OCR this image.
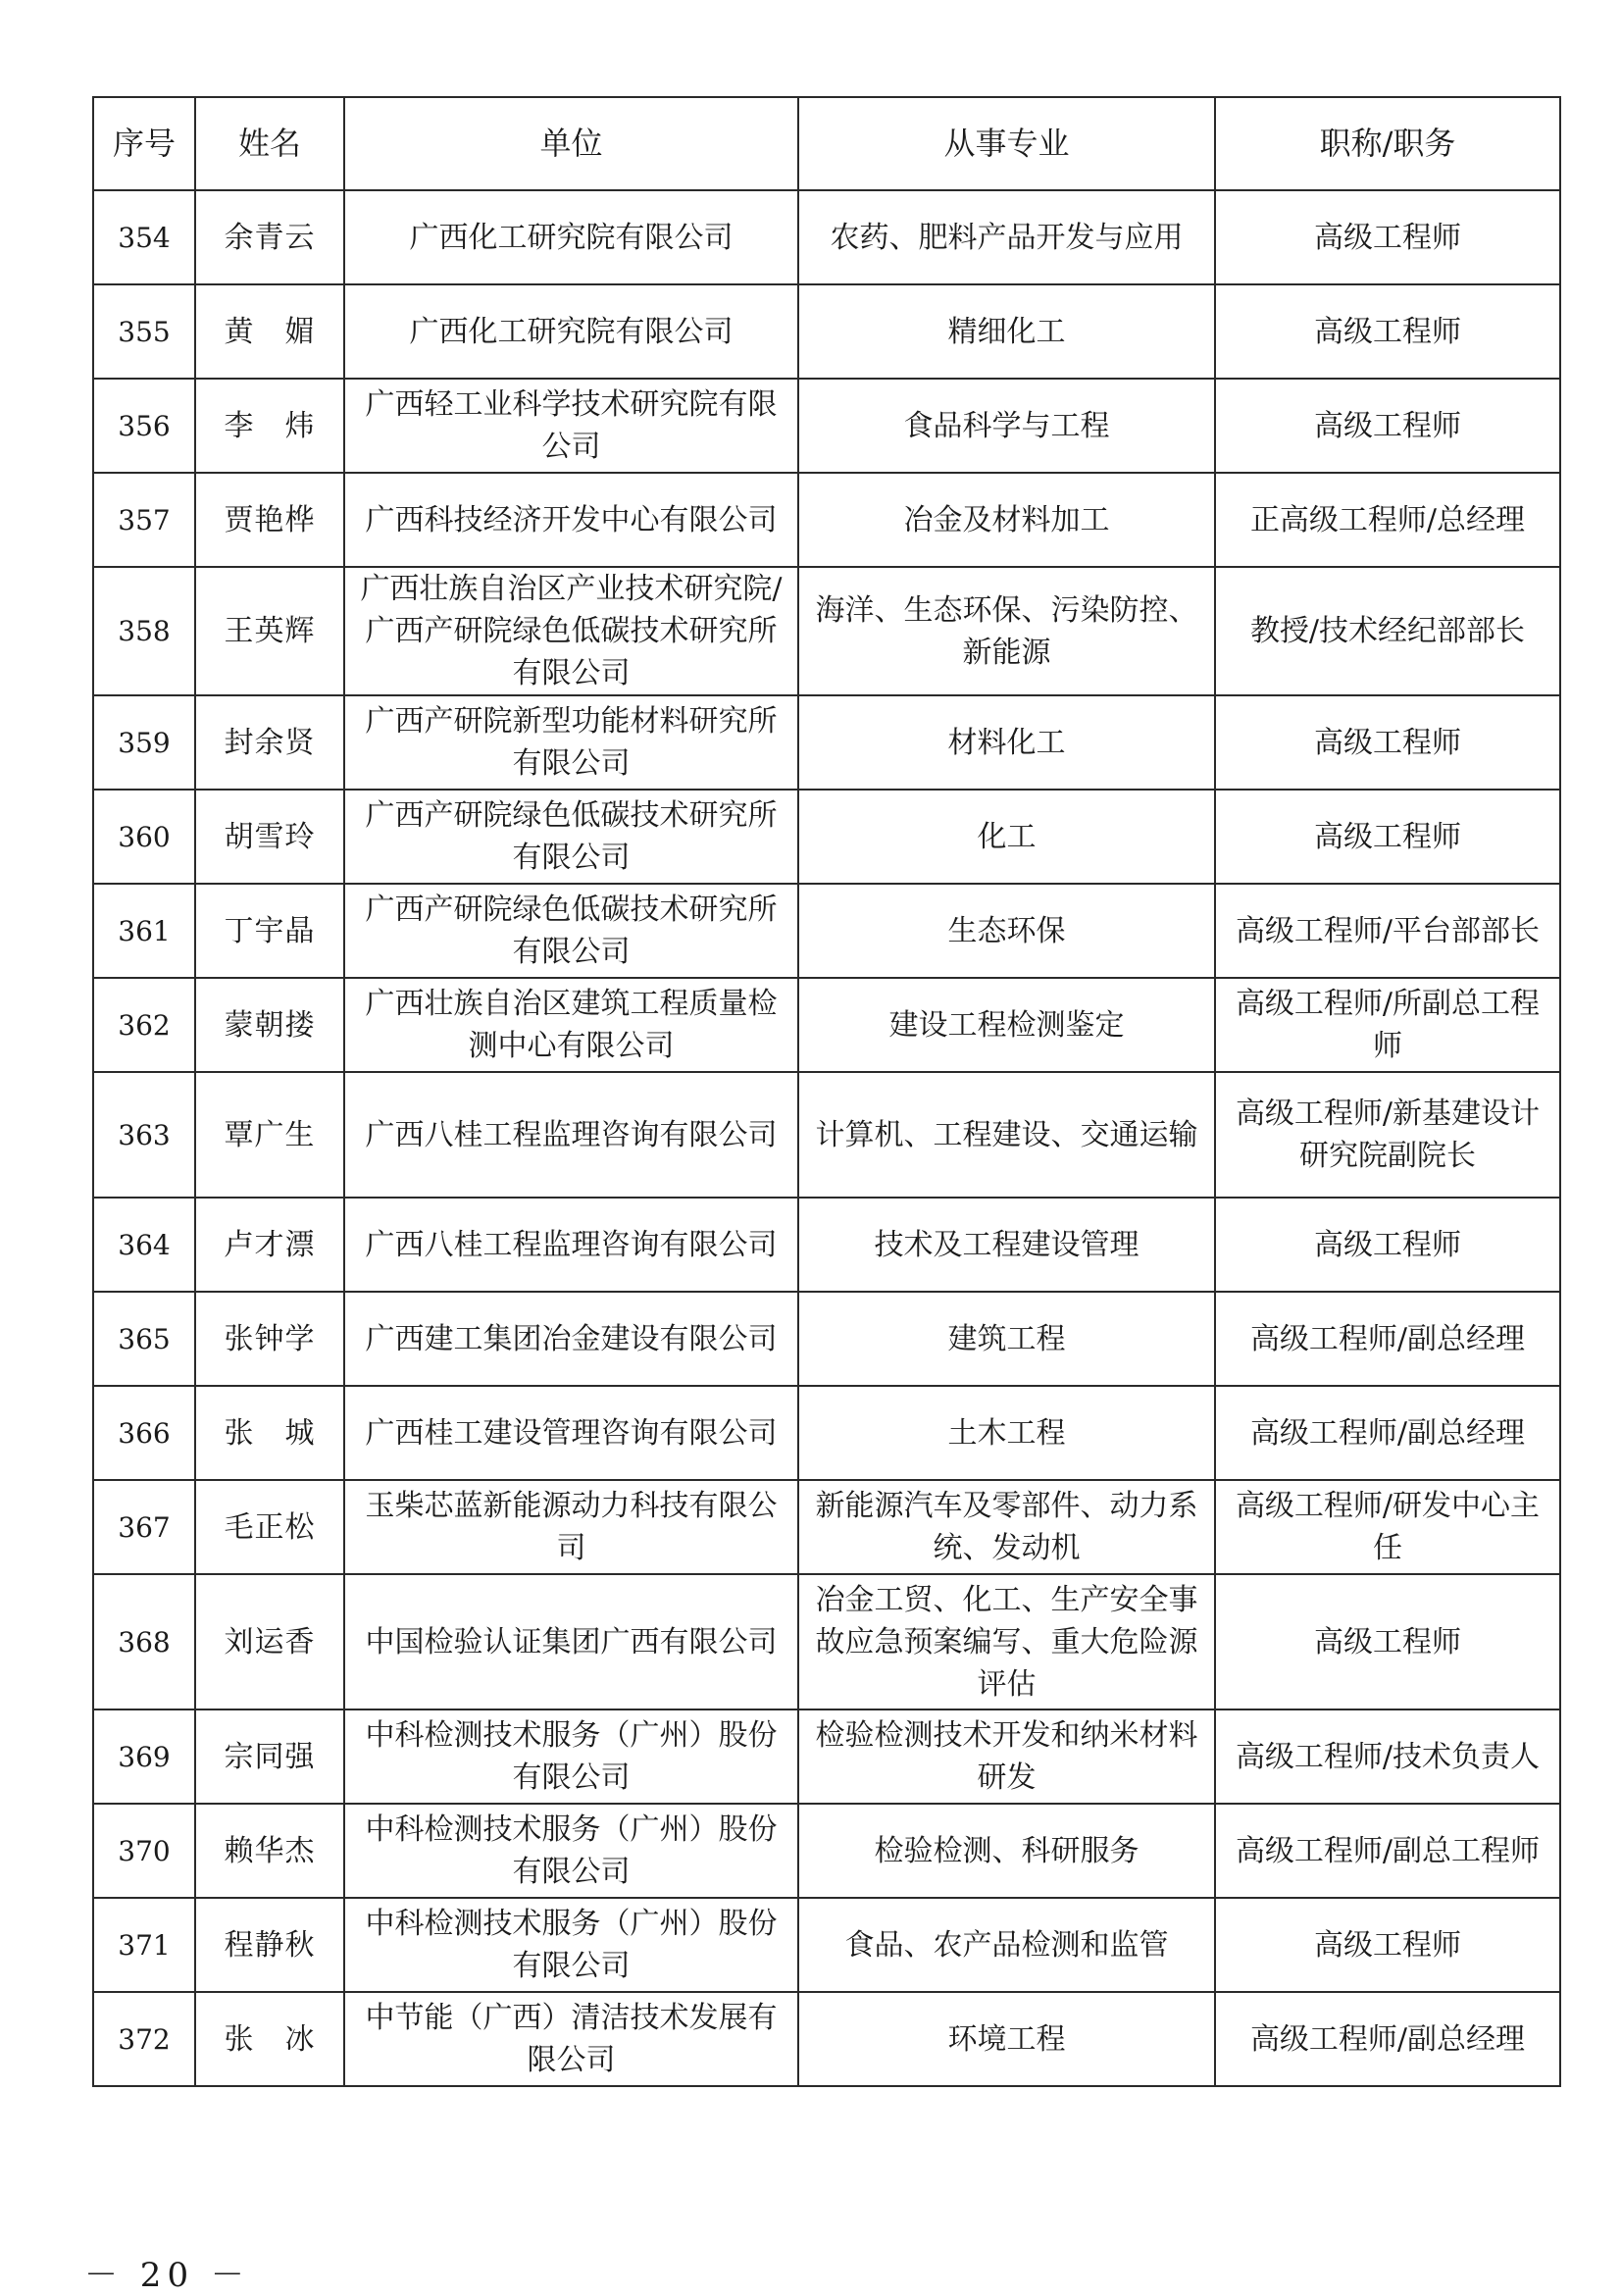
序号	姓名	单位	从事专业	职称/职务
354	余青云	广西化工研究院有限公司	农药、肥料产品开发与应用	高级工程师
355	黄　媚	广西化工研究院有限公司	精细化工	高级工程师
356	李　炜	广西轻工业科学技术研究院有限公司	食品科学与工程	高级工程师
357	贾艳桦	广西科技经济开发中心有限公司	冶金及材料加工	正高级工程师/总经理
358	王英辉	广西壮族自治区产业技术研究院/广西产研院绿色低碳技术研究所有限公司	海洋、生态环保、污染防控、新能源	教授/技术经纪部部长
359	封余贤	广西产研院新型功能材料研究所有限公司	材料化工	高级工程师
360	胡雪玲	广西产研院绿色低碳技术研究所有限公司	化工	高级工程师
361	丁宇晶	广西产研院绿色低碳技术研究所有限公司	生态环保	高级工程师/平台部部长
362	蒙朝搂	广西壮族自治区建筑工程质量检测中心有限公司	建设工程检测鉴定	高级工程师/所副总工程师
363	覃广生	广西八桂工程监理咨询有限公司	计算机、工程建设、交通运输	高级工程师/新基建设计研究院副院长
364	卢才漂	广西八桂工程监理咨询有限公司	技术及工程建设管理	高级工程师
365	张钟学	广西建工集团冶金建设有限公司	建筑工程	高级工程师/副总经理
366	张　城	广西桂工建设管理咨询有限公司	土木工程	高级工程师/副总经理
367	毛正松	玉柴芯蓝新能源动力科技有限公司	新能源汽车及零部件、动力系统、发动机	高级工程师/研发中心主任
368	刘运香	中国检验认证集团广西有限公司	冶金工贸、化工、生产安全事故应急预案编写、重大危险源评估	高级工程师
369	宗同强	中科检测技术服务（广州）股份有限公司	检验检测技术开发和纳米材料研发	高级工程师/技术负责人
370	赖华杰	中科检测技术服务（广州）股份有限公司	检验检测、科研服务	高级工程师/副总工程师
371	程静秋	中科检测技术服务（广州）股份有限公司	食品、农产品检测和监管	高级工程师
372	张　冰	中节能（广西）清洁技术发展有限公司	环境工程	高级工程师/副总经理
－ 20 －
